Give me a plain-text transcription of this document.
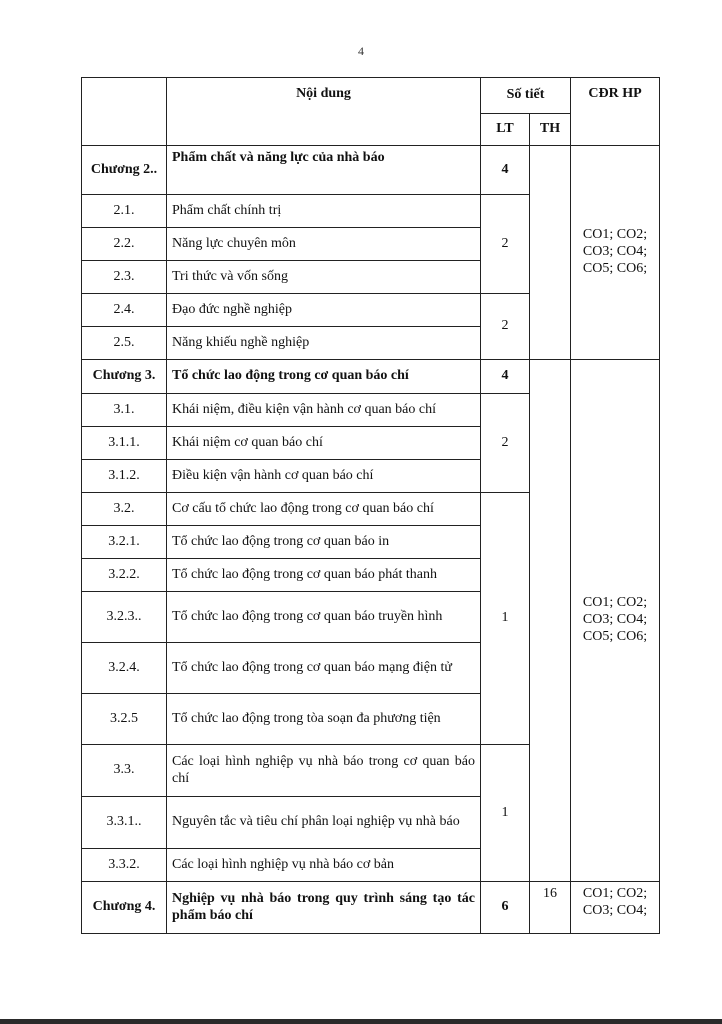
4
	Nội dung	Số tiết		CĐR HP
		LT	TH	
Chương 2..	Phẩm chất và năng lực của nhà báo	4		CO1; CO2; CO3; CO4; CO5; CO6;
2.1.	Phẩm chất chính trị	2		
2.2.	Năng lực chuyên môn			
2.3.	Tri thức và vốn sống			
2.4.	Đạo đức nghề nghiệp	2		
2.5.	Năng khiếu nghề nghiệp			
Chương 3.	Tổ chức lao động trong cơ quan báo chí	4		CO1; CO2; CO3; CO4; CO5; CO6;
3.1.	Khái niệm, điều kiện vận hành cơ quan báo chí	2		
3.1.1.	Khái niệm cơ quan báo chí			
3.1.2.	Điều kiện vận hành cơ quan báo chí			
3.2.	Cơ cấu tổ chức lao động trong cơ quan báo chí	1		
3.2.1.	Tổ chức lao động trong cơ quan báo in			
3.2.2.	Tổ chức lao động trong cơ quan báo phát thanh			
3.2.3..	Tổ chức lao động trong cơ quan báo truyền hình			
3.2.4.	Tổ chức lao động trong cơ quan báo mạng điện tử			
3.2.5	Tổ chức lao động trong tòa soạn đa phương tiện			
3.3.	Các loại hình nghiệp vụ nhà báo trong cơ quan báo chí	1		
3.3.1..	Nguyên tắc và tiêu chí phân loại nghiệp vụ nhà báo			
3.3.2.	Các loại hình nghiệp vụ nhà báo cơ bản			
Chương 4.	Nghiệp vụ nhà báo trong quy trình sáng tạo tác phẩm báo chí	6	16	CO1; CO2; CO3; CO4;
